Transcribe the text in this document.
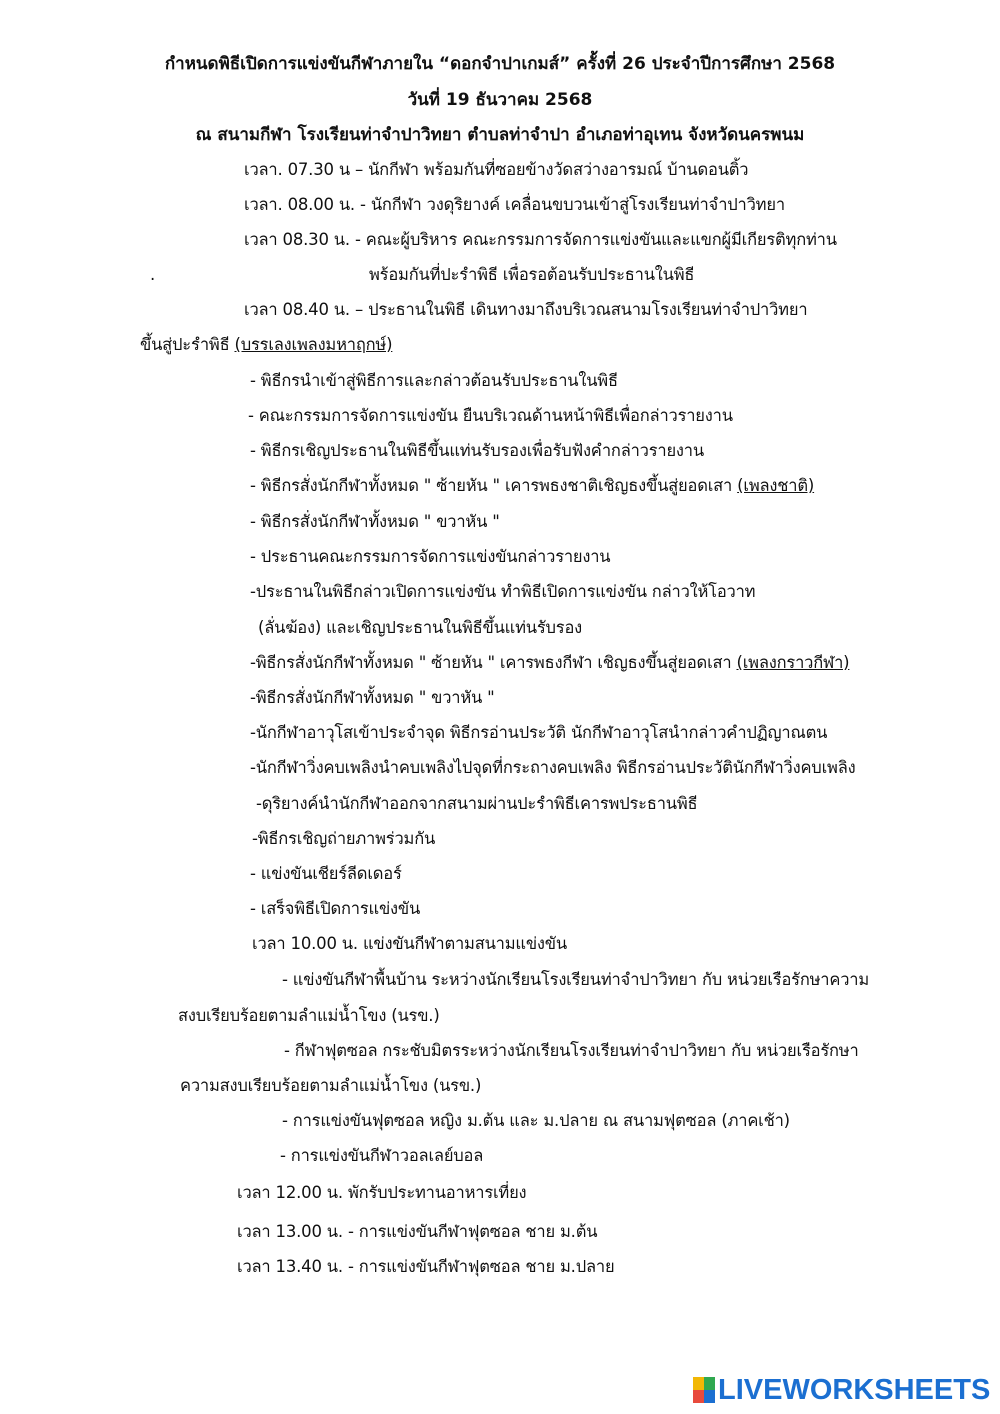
กำหนดพิธีเปิดการแข่งขันกีฬาภายใน “ดอกจำปาเกมส์” ครั้งที่ 26 ประจำปีการศึกษา 2568
วันที่ 19 ธันวาคม 2568
ณ สนามกีฬา โรงเรียนท่าจำปาวิทยา ตำบลท่าจำปา อำเภอท่าอุเทน จังหวัดนครพนม
เวลา. 07.30 น – นักกีฬา พร้อมกันที่ซอยข้างวัดสว่างอารมณ์ บ้านดอนติ้ว
เวลา. 08.00 น. - นักกีฬา วงดุริยางค์ เคลื่อนขบวนเข้าสู่โรงเรียนท่าจำปาวิทยา
เวลา 08.30 น. - คณะผู้บริหาร คณะกรรมการจัดการแข่งขันและแขกผู้มีเกียรติทุกท่าน
.	พร้อมกันที่ปะรำพิธี เพื่อรอต้อนรับประธานในพิธี
เวลา 08.40 น. – ประธานในพิธี เดินทางมาถึงบริเวณสนามโรงเรียนท่าจำปาวิทยา
ขึ้นสู่ปะรำพิธี (บรรเลงเพลงมหาฤกษ์)
- พิธีกรนำเข้าสู่พิธีการและกล่าวต้อนรับประธานในพิธี
- คณะกรรมการจัดการแข่งขัน ยืนบริเวณด้านหน้าพิธีเพื่อกล่าวรายงาน
- พิธีกรเชิญประธานในพิธีขึ้นแท่นรับรองเพื่อรับฟังคำกล่าวรายงาน
- พิธีกรสั่งนักกีฬาทั้งหมด " ซ้ายหัน " เคารพธงชาติเชิญธงขึ้นสู่ยอดเสา (เพลงชาติ)
- พิธีกรสั่งนักกีฬาทั้งหมด " ขวาหัน "
- ประธานคณะกรรมการจัดการแข่งขันกล่าวรายงาน
-ประธานในพิธีกล่าวเปิดการแข่งขัน ทำพิธีเปิดการแข่งขัน กล่าวให้โอวาท
(ลั่นฆ้อง) และเชิญประธานในพิธีขึ้นแท่นรับรอง
-พิธีกรสั่งนักกีฬาทั้งหมด " ซ้ายหัน " เคารพธงกีฬา เชิญธงขึ้นสู่ยอดเสา (เพลงกราวกีฬา)
-พิธีกรสั่งนักกีฬาทั้งหมด " ขวาหัน "
-นักกีฬาอาวุโสเข้าประจำจุด พิธีกรอ่านประวัติ นักกีฬาอาวุโสนำกล่าวคำปฏิญาณตน
-นักกีฬาวิ่งคบเพลิงนำคบเพลิงไปจุดที่กระถางคบเพลิง พิธีกรอ่านประวัตินักกีฬาวิ่งคบเพลิง
-ดุริยางค์นำนักกีฬาออกจากสนามผ่านปะรำพิธีเคารพประธานพิธี
-พิธีกรเชิญถ่ายภาพร่วมกัน
- แข่งขันเชียร์ลีดเดอร์
- เสร็จพิธีเปิดการแข่งขัน
เวลา 10.00 น. แข่งขันกีฬาตามสนามแข่งขัน
- แข่งขันกีฬาพื้นบ้าน ระหว่างนักเรียนโรงเรียนท่าจำปาวิทยา กับ หน่วยเรือรักษาความ
สงบเรียบร้อยตามลำแม่น้ำโขง (นรข.)
- กีฬาฟุตซอล กระชับมิตรระหว่างนักเรียนโรงเรียนท่าจำปาวิทยา กับ หน่วยเรือรักษา
ความสงบเรียบร้อยตามลำแม่น้ำโขง (นรข.)
- การแข่งขันฟุตซอล หญิง ม.ต้น และ ม.ปลาย ณ สนามฟุตซอล (ภาคเช้า)
- การแข่งขันกีฬาวอลเลย์บอล
เวลา 12.00 น. พักรับประทานอาหารเที่ยง
เวลา 13.00 น. - การแข่งขันกีฬาฟุตซอล ชาย ม.ต้น
เวลา 13.40 น. - การแข่งขันกีฬาฟุตซอล ชาย ม.ปลาย
LIVEWORKSHEETS
